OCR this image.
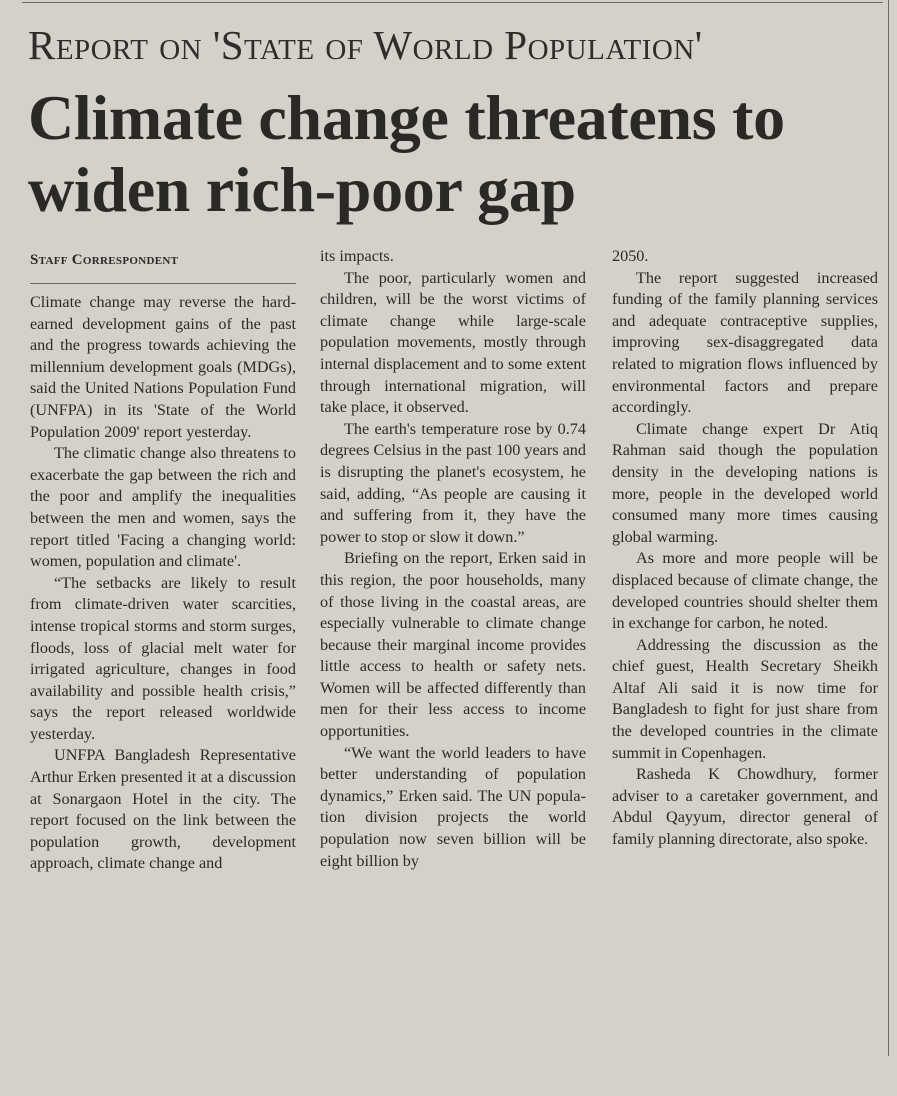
Report on 'State of World Population'
Climate change threatens to widen rich-poor gap
Staff Correspondent

Climate change may reverse the hard-earned development gains of the past and the progress towards achieving the millennium development goals (MDGs), said the United Nations Population Fund (UNFPA) in its 'State of the World Population 2009' report yesterday.

The climatic change also threatens to exacerbate the gap between the rich and the poor and amplify the inequalities between the men and women, says the report titled 'Facing a changing world: women, population and climate'.

“The setbacks are likely to result from climate-driven water scarcities, intense tropical storms and storm surges, floods, loss of glacial melt water for irrigated agriculture, changes in food availability and possible health crisis,” says the report released worldwide yesterday.

UNFPA Bangladesh Representative Arthur Erken presented it at a discussion at Sonargaon Hotel in the city. The report focused on the link between the population growth, development approach, climate change and

its impacts.

The poor, particularly women and children, will be the worst victims of climate change while large-scale population movements, mostly through internal displacement and to some extent through international migration, will take place, it observed.

The earth's temperature rose by 0.74 degrees Celsius in the past 100 years and is disrupting the planet's ecosystem, he said, adding, “As people are causing it and suffering from it, they have the power to stop or slow it down.”

Briefing on the report, Erken said in this region, the poor households, many of those living in the coastal areas, are especially vulnerable to climate change because their marginal income provides little access to health or safety nets. Women will be affected differently than men for their less access to income opportunities.

“We want the world leaders to have better understanding of population dynamics,” Erken said. The UN population division projects the world population now seven billion will be eight billion by

2050.

The report suggested increased funding of the family planning services and adequate contraceptive supplies, improving sex-disaggregated data related to migration flows influenced by environmental factors and prepare accordingly.

Climate change expert Dr Atiq Rahman said though the population density in the developing nations is more, people in the developed world consumed many more times causing global warming.

As more and more people will be displaced because of climate change, the developed countries should shelter them in exchange for carbon, he noted.

Addressing the discussion as the chief guest, Health Secretary Sheikh Altaf Ali said it is now time for Bangladesh to fight for just share from the developed countries in the climate summit in Copenhagen.

Rasheda K Chowdhury, former adviser to a caretaker government, and Abdul Qayyum, director general of family planning directorate, also spoke.
